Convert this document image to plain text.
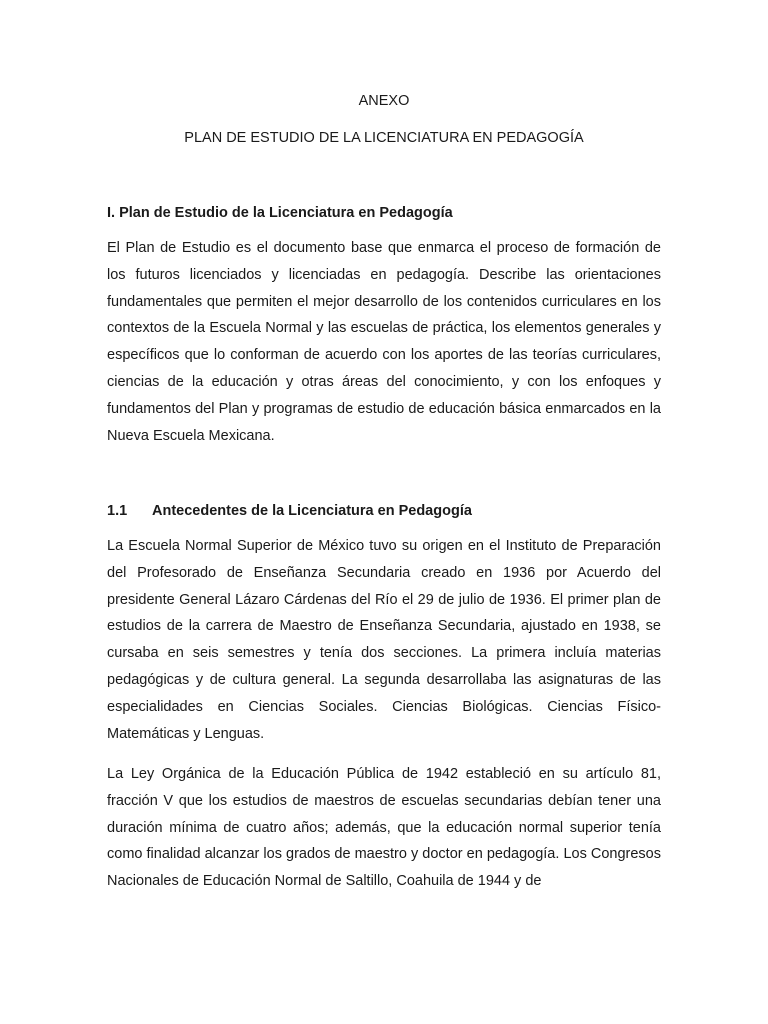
ANEXO
PLAN DE ESTUDIO DE LA LICENCIATURA EN PEDAGOGÍA
I. Plan de Estudio de la Licenciatura en Pedagogía

El Plan de Estudio es el documento base que enmarca el proceso de formación de los futuros licenciados y licenciadas en pedagogía. Describe las orientaciones fundamentales que permiten el mejor desarrollo de los contenidos curriculares en los contextos de la Escuela Normal y las escuelas de práctica, los elementos generales y específicos que lo conforman de acuerdo con los aportes de las teorías curriculares, ciencias de la educación y otras áreas del conocimiento, y con los enfoques y fundamentos del Plan y programas de estudio de educación básica enmarcados en la Nueva Escuela Mexicana.

1.1 Antecedentes de la Licenciatura en Pedagogía

La Escuela Normal Superior de México tuvo su origen en el Instituto de Preparación del Profesorado de Enseñanza Secundaria creado en 1936 por Acuerdo del presidente General Lázaro Cárdenas del Río el 29 de julio de 1936. El primer plan de estudios de la carrera de Maestro de Enseñanza Secundaria, ajustado en 1938, se cursaba en seis semestres y tenía dos secciones. La primera incluía materias pedagógicas y de cultura general. La segunda desarrollaba las asignaturas de las especialidades en Ciencias Sociales. Ciencias Biológicas. Ciencias Físico-Matemáticas y Lenguas.

La Ley Orgánica de la Educación Pública de 1942 estableció en su artículo 81, fracción V que los estudios de maestros de escuelas secundarias debían tener una duración mínima de cuatro años; además, que la educación normal superior tenía como finalidad alcanzar los grados de maestro y doctor en pedagogía. Los Congresos Nacionales de Educación Normal de Saltillo, Coahuila de 1944 y de
